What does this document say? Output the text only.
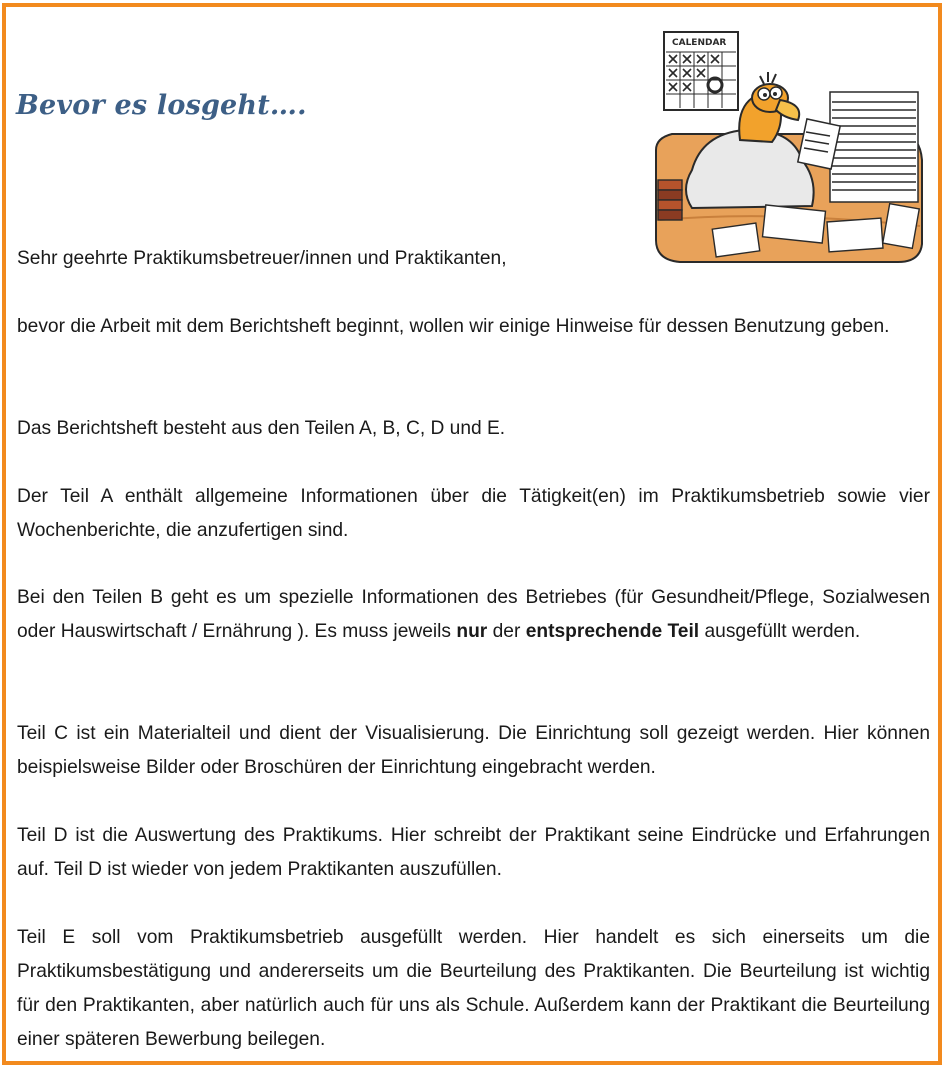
Bevor es losgeht….
CALENDAR

Sehr geehrte Praktikumsbetreuer/innen und Praktikanten,

bevor die Arbeit mit dem Berichtsheft beginnt, wollen wir einige Hinweise für dessen Benutzung geben.

Das Berichtsheft besteht aus den Teilen A, B, C, D und E.

Der Teil A enthält allgemeine Informationen über die Tätigkeit(en) im Praktikumsbetrieb sowie vier Wochenberichte, die anzufertigen sind.

Bei den Teilen B geht es um spezielle Informationen des Betriebes (für Gesundheit/Pflege, Sozialwesen oder Hauswirtschaft / Ernährung ). Es muss jeweils nur der entsprechende Teil ausgefüllt werden.

Teil C ist ein Materialteil und dient der Visualisierung. Die Einrichtung soll gezeigt werden. Hier können beispielsweise Bilder oder Broschüren der Einrichtung eingebracht werden.

Teil D ist die Auswertung des Praktikums. Hier schreibt der Praktikant seine Eindrücke und Erfahrungen auf. Teil D ist wieder von jedem Praktikanten auszufüllen.

Teil E soll vom Praktikumsbetrieb ausgefüllt werden. Hier handelt es sich einerseits um die Praktikumsbestätigung und andererseits um die Beurteilung des Praktikanten. Die Beurteilung ist wichtig für den Praktikanten, aber natürlich auch für uns als Schule. Außerdem kann der Praktikant die Beurteilung einer späteren Bewerbung beilegen.
